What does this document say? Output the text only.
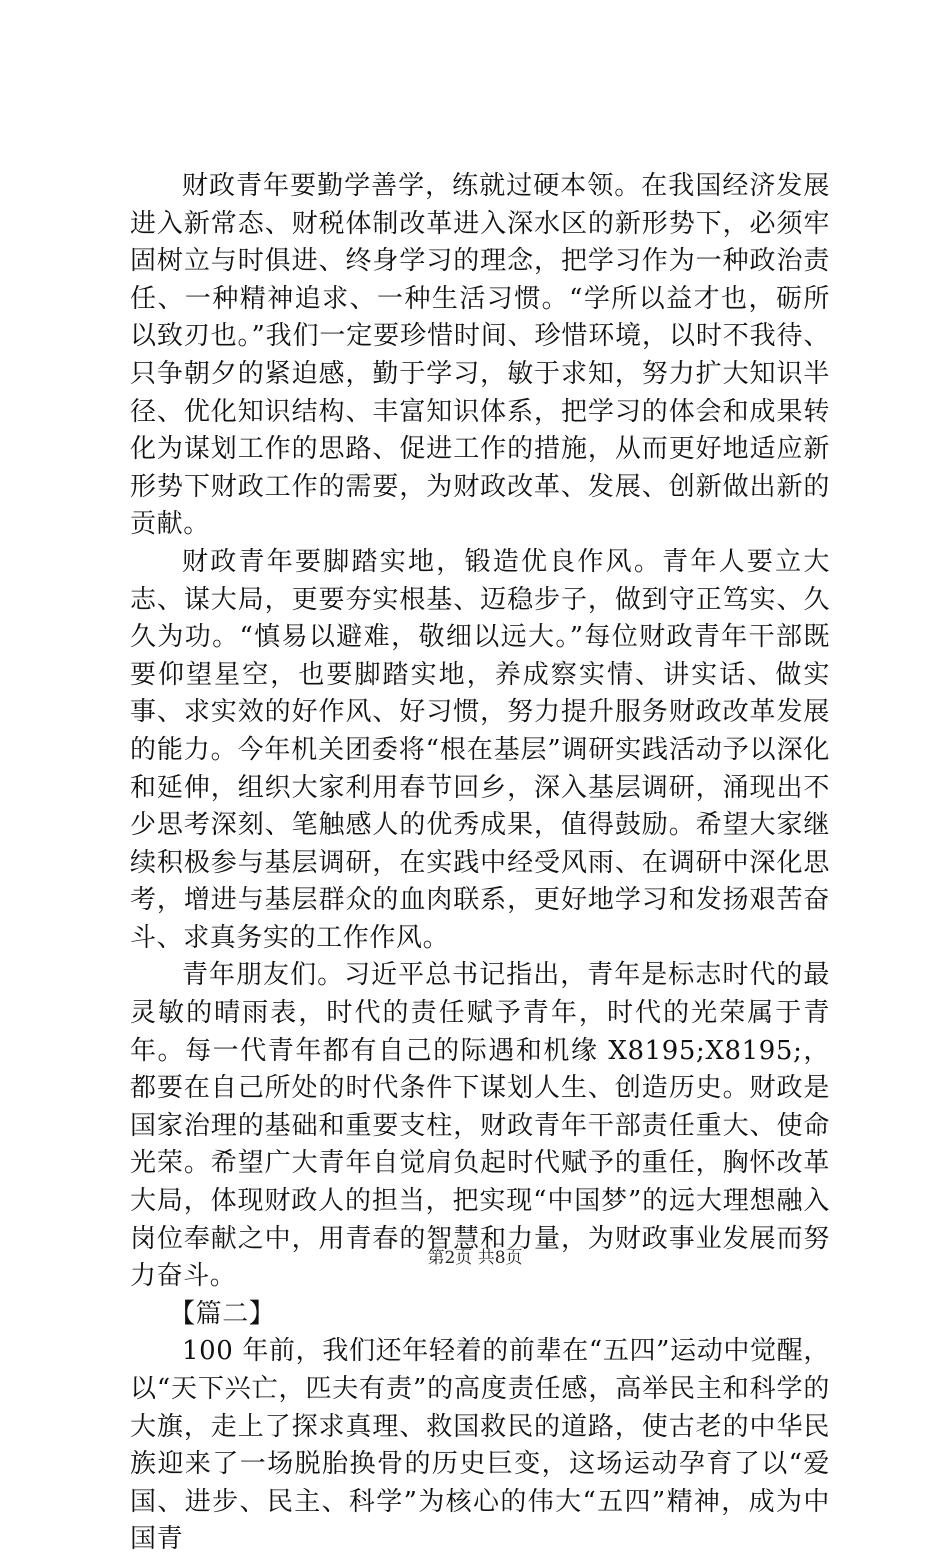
财政青年要勤学善学，练就过硬本领。在我国经济发展进入新常态、财税体制改革进入深水区的新形势下，必须牢固树立与时俱进、终身学习的理念，把学习作为一种政治责任、一种精神追求、一种生活习惯。“学所以益才也，砺所以致刃也。”我们一定要珍惜时间、珍惜环境，以时不我待、只争朝夕的紧迫感，勤于学习，敏于求知，努力扩大知识半径、优化知识结构、丰富知识体系，把学习的体会和成果转化为谋划工作的思路、促进工作的措施，从而更好地适应新形势下财政工作的需要，为财政改革、发展、创新做出新的贡献。

财政青年要脚踏实地，锻造优良作风。青年人要立大志、谋大局，更要夯实根基、迈稳步子，做到守正笃实、久久为功。“慎易以避难，敬细以远大。”每位财政青年干部既要仰望星空，也要脚踏实地，养成察实情、讲实话、做实事、求实效的好作风、好习惯，努力提升服务财政改革发展的能力。今年机关团委将“根在基层”调研实践活动予以深化和延伸，组织大家利用春节回乡，深入基层调研，涌现出不少思考深刻、笔触感人的优秀成果，值得鼓励。希望大家继续积极参与基层调研，在实践中经受风雨、在调研中深化思考，增进与基层群众的血肉联系，更好地学习和发扬艰苦奋斗、求真务实的工作作风。

青年朋友们。习近平总书记指出，青年是标志时代的最灵敏的晴雨表，时代的责任赋予青年，时代的光荣属于青年。每一代青年都有自己的际遇和机缘 X8195;X8195;，都要在自己所处的时代条件下谋划人生、创造历史。财政是国家治理的基础和重要支柱，财政青年干部责任重大、使命光荣。希望广大青年自觉肩负起时代赋予的重任，胸怀改革大局，体现财政人的担当，把实现“中国梦”的远大理想融入岗位奉献之中，用青春的智慧和力量，为财政事业发展而努力奋斗。

【篇二】

100 年前，我们还年轻着的前辈在“五四”运动中觉醒，以“天下兴亡，匹夫有责”的高度责任感，高举民主和科学的大旗，走上了探求真理、救国救民的道路，使古老的中华民族迎来了一场脱胎换骨的历史巨变，这场运动孕育了以“爱国、进步、民主、科学”为核心的伟大“五四”精神，成为中国青

第2页 共8页
